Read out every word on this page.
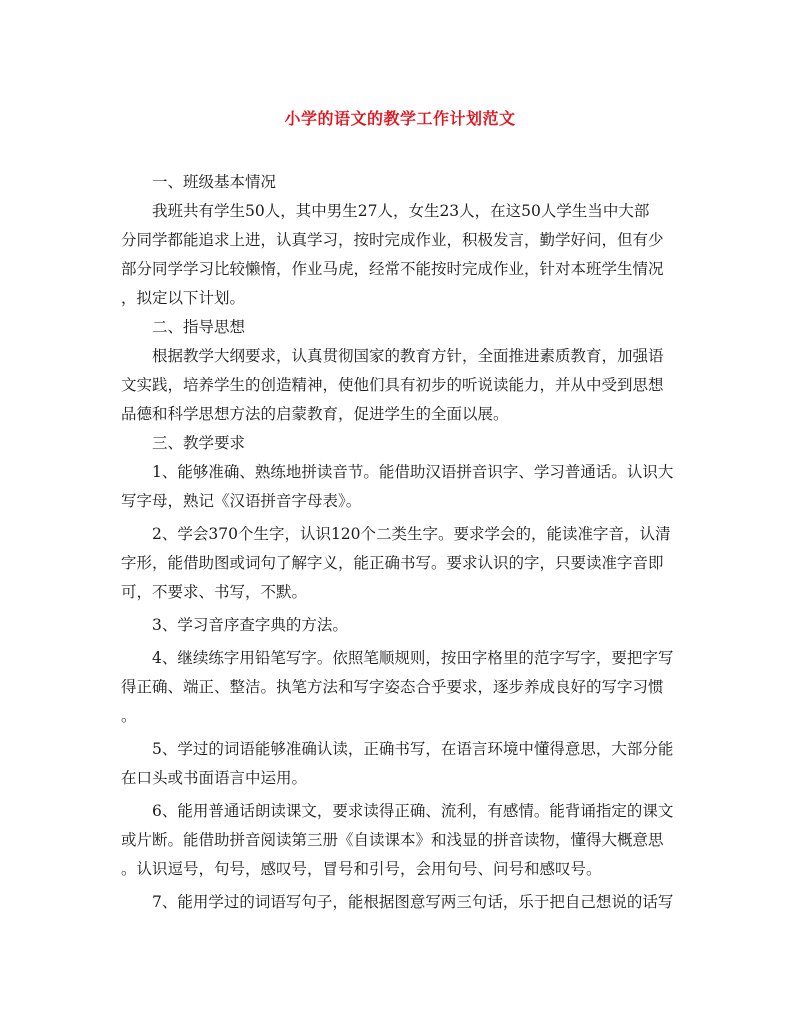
小学的语文的教学工作计划范文
一、班级基本情况
我班共有学生50人，其中男生27人，女生23人，在这50人学生当中大部
分同学都能追求上进，认真学习，按时完成作业，积极发言，勤学好问，但有少
部分同学学习比较懒惰，作业马虎，经常不能按时完成作业，针对本班学生情况
，拟定以下计划。
二、指导思想
根据教学大纲要求，认真贯彻国家的教育方针，全面推进素质教育，加强语
文实践，培养学生的创造精神，使他们具有初步的听说读能力，并从中受到思想
品德和科学思想方法的启蒙教育，促进学生的全面以展。
三、教学要求
1、能够准确、熟练地拼读音节。能借助汉语拼音识字、学习普通话。认识大
写字母，熟记《汉语拼音字母表》。
2、学会370个生字，认识120个二类生字。要求学会的，能读准字音，认清
字形，能借助图或词句了解字义，能正确书写。要求认识的字，只要读准字音即
可，不要求、书写，不默。
3、学习音序查字典的方法。
4、继续练字用铅笔写字。依照笔顺规则，按田字格里的范字写字，要把字写
得正确、端正、整洁。执笔方法和写字姿态合乎要求，逐步养成良好的写字习惯
。
5、学过的词语能够准确认读，正确书写，在语言环境中懂得意思，大部分能
在口头或书面语言中运用。
6、能用普通话朗读课文，要求读得正确、流利，有感情。能背诵指定的课文
或片断。能借助拼音阅读第三册《自读课本》和浅显的拼音读物，懂得大概意思
。认识逗号，句号，感叹号，冒号和引号，会用句号、问号和感叹号。
7、能用学过的词语写句子，能根据图意写两三句话，乐于把自己想说的话写
